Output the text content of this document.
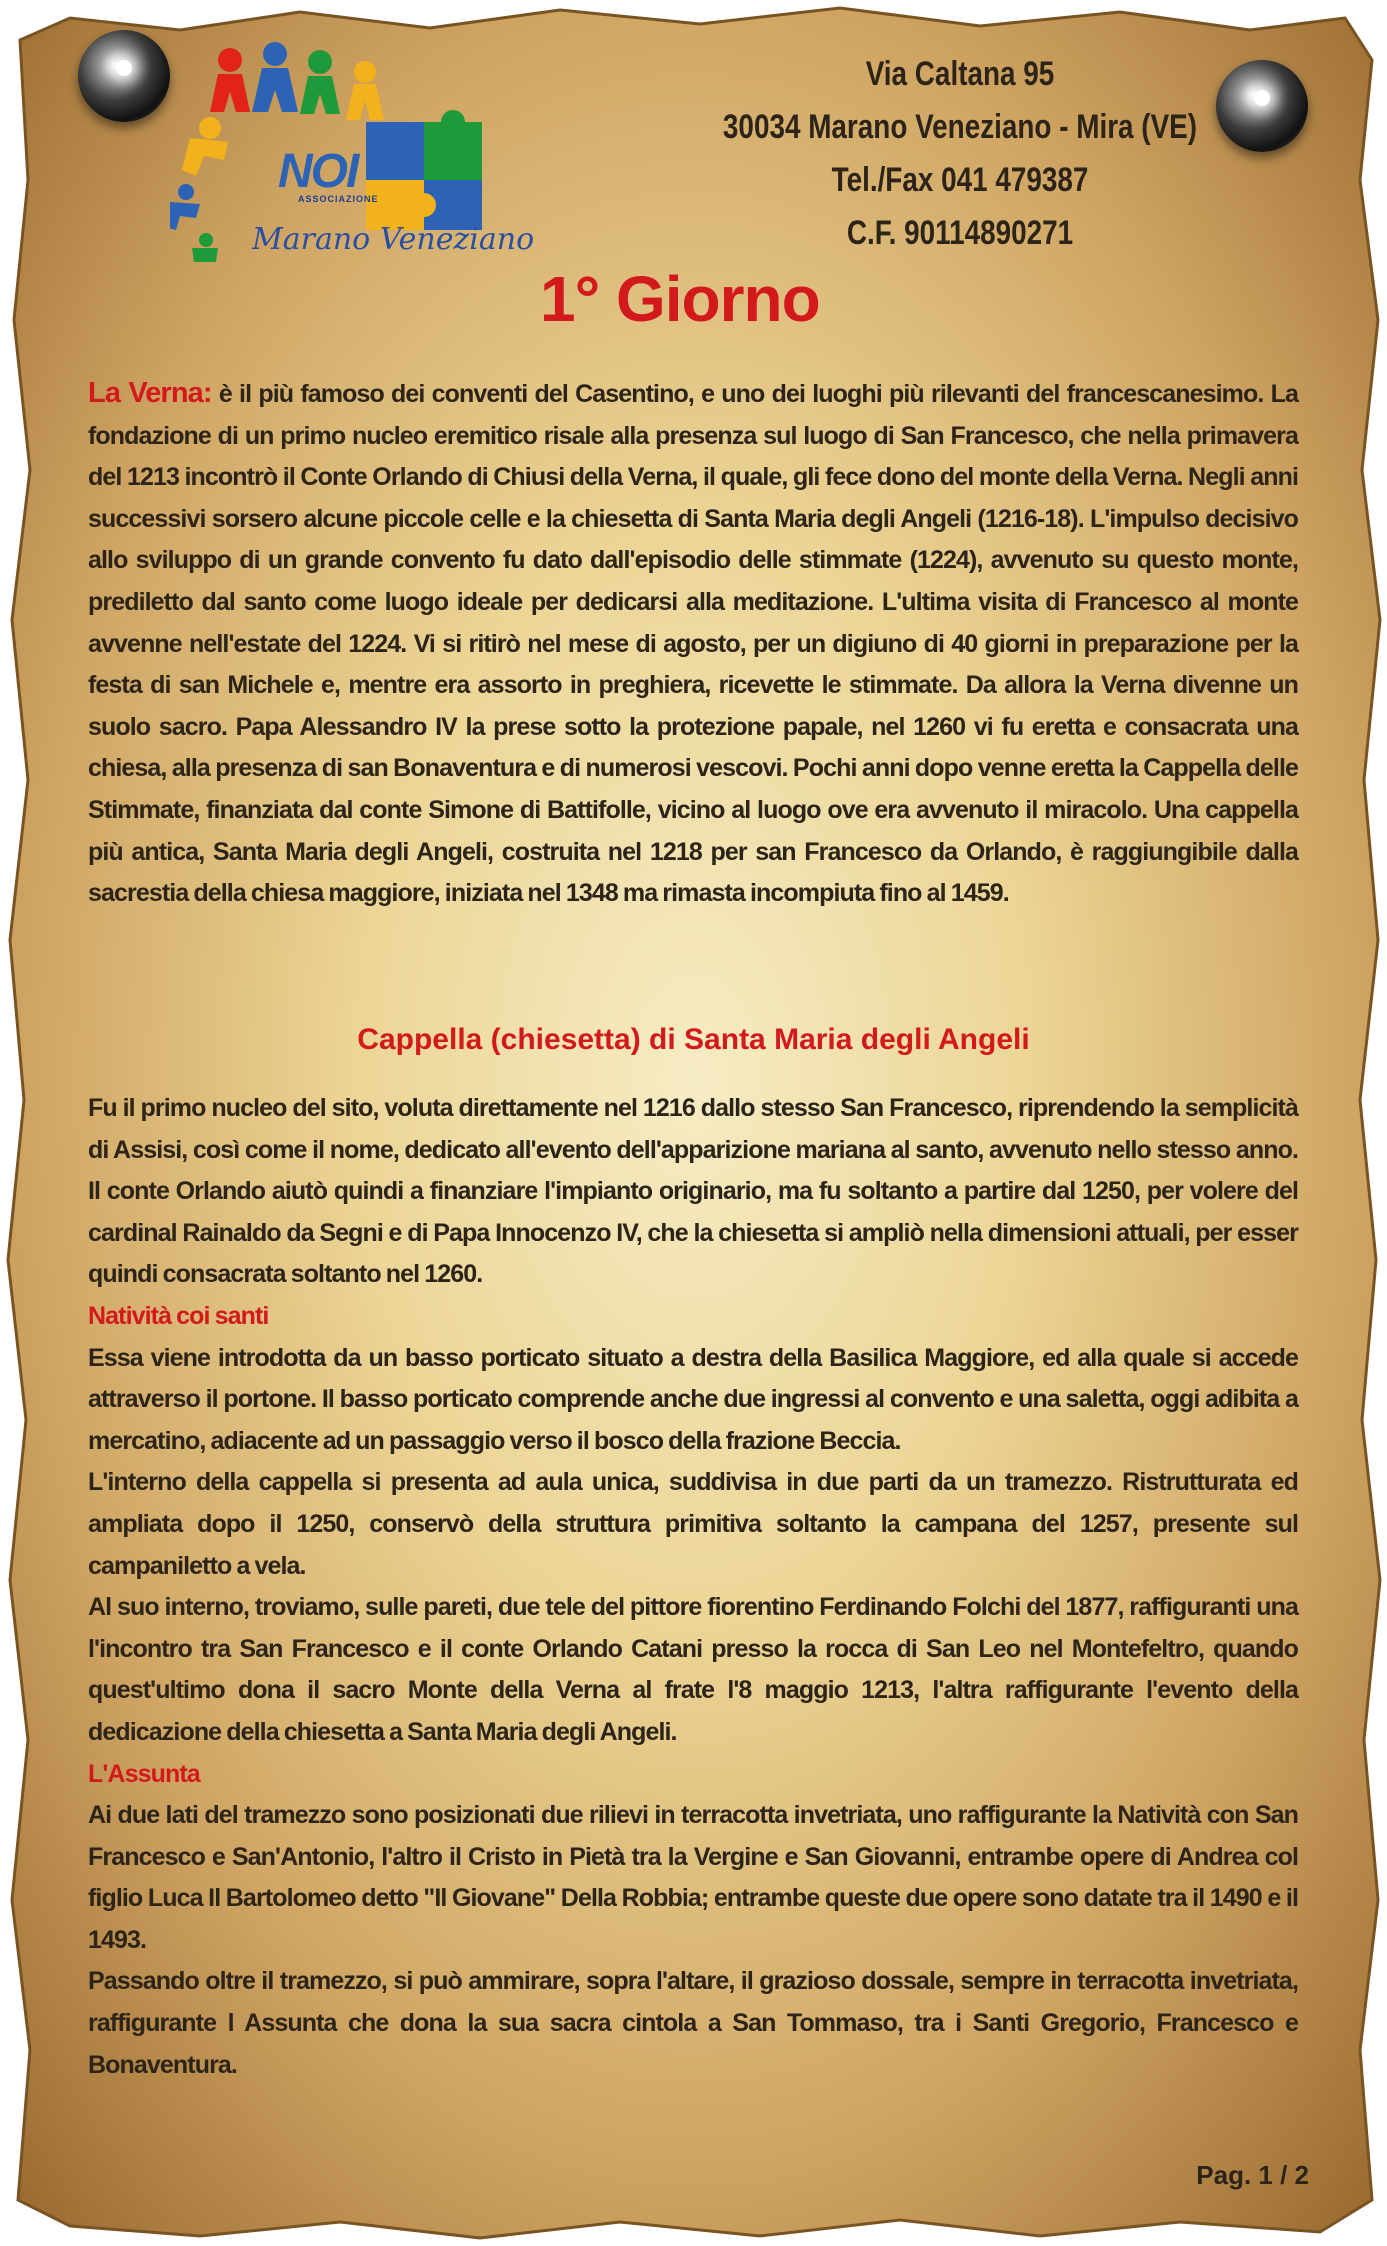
NOI
ASSOCIAZIONE
Marano Veneziano
Via Caltana 95
30034 Marano Veneziano - Mira (VE)
Tel./Fax 041 479387
C.F. 90114890271
1° Giorno

La Verna: è il più famoso dei conventi del Casentino, e uno dei luoghi più rilevanti del francescanesimo. La fondazione di un primo nucleo eremitico risale alla presenza sul luogo di San Francesco, che nella primavera del 1213 incontrò il Conte Orlando di Chiusi della Verna, il quale, gli fece dono del monte della Verna. Negli anni successivi sorsero alcune piccole celle e la chiesetta di Santa Maria degli Angeli (1216-18). L'impulso decisivo allo sviluppo di un grande convento fu dato dall'episodio delle stimmate (1224), avvenuto su questo monte, prediletto dal santo come luogo ideale per dedicarsi alla meditazione. L'ultima visita di Francesco al monte avvenne nell'estate del 1224. Vi si ritirò nel mese di agosto, per un digiuno di 40 giorni in preparazione per la festa di san Michele e, mentre era assorto in preghiera, ricevette le stimmate. Da allora la Verna divenne un suolo sacro. Papa Alessandro IV la prese sotto la protezione papale, nel 1260 vi fu eretta e consacrata una chiesa, alla presenza di san Bonaventura e di numerosi vescovi. Pochi anni dopo venne eretta la Cappella delle Stimmate, finanziata dal conte Simone di Battifolle, vicino al luogo ove era avvenuto il miracolo. Una cappella più antica, Santa Maria degli Angeli, costruita nel 1218 per san Francesco da Orlando, è raggiungibile dalla sacrestia della chiesa maggiore, iniziata nel 1348 ma rimasta incompiuta fino al 1459.

Cappella (chiesetta) di Santa Maria degli Angeli

Fu il primo nucleo del sito, voluta direttamente nel 1216 dallo stesso San Francesco, riprendendo la semplicità di Assisi, così come il nome, dedicato all'evento dell'apparizione mariana al santo, avvenuto nello stesso anno. Il conte Orlando aiutò quindi a finanziare l'impianto originario, ma fu soltanto a partire dal 1250, per volere del cardinal Rainaldo da Segni e di Papa Innocenzo IV, che la chiesetta si ampliò nella dimensioni attuali, per esser quindi consacrata soltanto nel 1260.

Natività coi santi

Essa viene introdotta da un basso porticato situato a destra della Basilica Maggiore, ed alla quale si accede attraverso il portone. Il basso porticato comprende anche due ingressi al convento e una saletta, oggi adibita a mercatino, adiacente ad un passaggio verso il bosco della frazione Beccia.

L'interno della cappella si presenta ad aula unica, suddivisa in due parti da un tramezzo. Ristrutturata ed ampliata dopo il 1250, conservò della struttura primitiva soltanto la campana del 1257, presente sul campaniletto a vela.

Al suo interno, troviamo, sulle pareti, due tele del pittore fiorentino Ferdinando Folchi del 1877, raffiguranti una l'incontro tra San Francesco e il conte Orlando Catani presso la rocca di San Leo nel Montefeltro, quando quest'ultimo dona il sacro Monte della Verna al frate l'8 maggio 1213, l'altra raffigurante l'evento della dedicazione della chiesetta a Santa Maria degli Angeli.

L'Assunta

Ai due lati del tramezzo sono posizionati due rilievi in terracotta invetriata, uno raffigurante la Natività con San Francesco e San'Antonio, l'altro il Cristo in Pietà tra la Vergine e San Giovanni, entrambe opere di Andrea col figlio Luca Il Bartolomeo detto "Il Giovane" Della Robbia; entrambe queste due opere sono datate tra il 1490 e il 1493.

Passando oltre il tramezzo, si può ammirare, sopra l'altare, il grazioso dossale, sempre in terracotta invetriata, raffigurante l Assunta che dona la sua sacra cintola a San Tommaso, tra i Santi Gregorio, Francesco e Bonaventura.

Pag. 1 / 2
